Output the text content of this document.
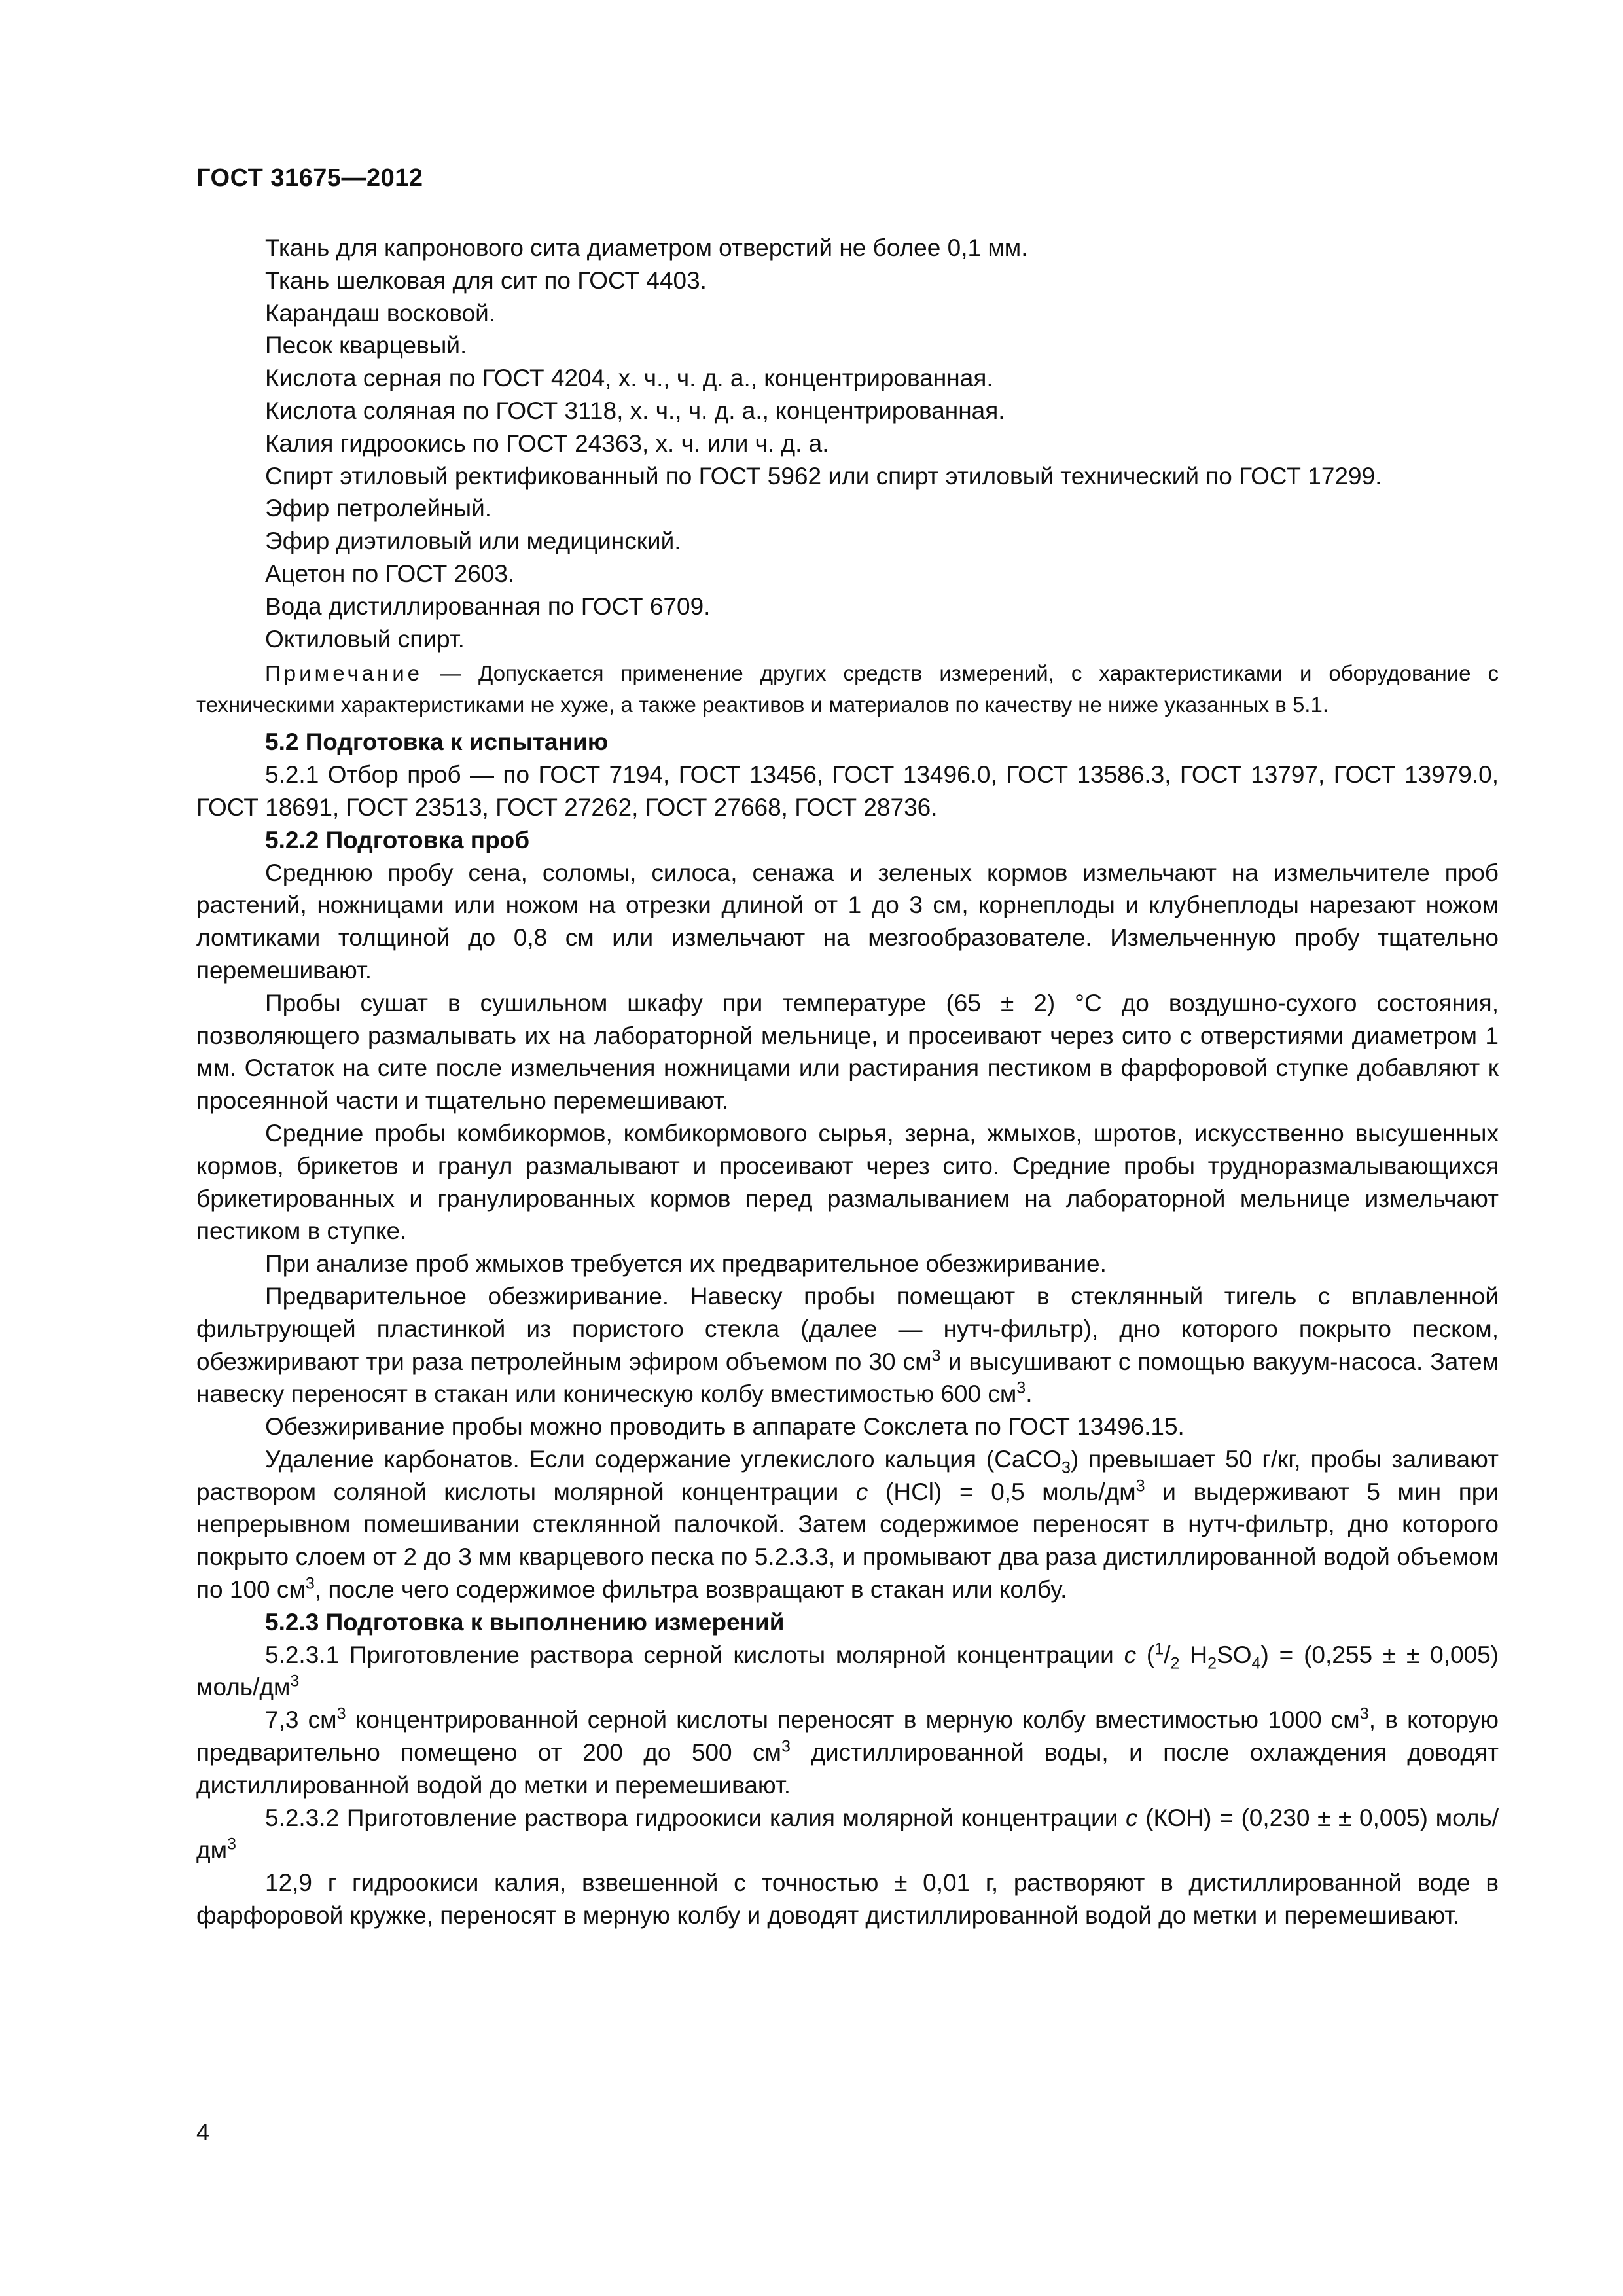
ГОСТ 31675—2012
Ткань для капронового сита диаметром отверстий не более 0,1 мм.
Ткань шелковая для сит по ГОСТ 4403.
Карандаш восковой.
Песок кварцевый.
Кислота серная по ГОСТ 4204, х. ч., ч. д. а., концентрированная.
Кислота соляная по ГОСТ 3118, х. ч., ч. д. а., концентрированная.
Калия гидроокись по ГОСТ 24363, х. ч. или ч. д. а.
Спирт этиловый ректификованный по ГОСТ 5962 или спирт этиловый технический по ГОСТ 17299.
Эфир петролейный.
Эфир диэтиловый или медицинский.
Ацетон по ГОСТ 2603.
Вода дистиллированная по ГОСТ 6709.
Октиловый спирт.
Примечание — Допускается применение других средств измерений, с характеристиками и оборудование с техническими характеристиками не хуже, а также реактивов и материалов по качеству не ниже указанных в 5.1.
5.2 Подготовка к испытанию
5.2.1 Отбор проб — по ГОСТ 7194, ГОСТ 13456, ГОСТ 13496.0, ГОСТ 13586.3, ГОСТ 13797, ГОСТ 13979.0, ГОСТ 18691, ГОСТ 23513, ГОСТ 27262, ГОСТ 27668, ГОСТ 28736.
5.2.2 Подготовка проб
Среднюю пробу сена, соломы, силоса, сенажа и зеленых кормов измельчают на измельчителе проб растений, ножницами или ножом на отрезки длиной от 1 до 3 см, корнеплоды и клубнеплоды нарезают ножом ломтиками толщиной до 0,8 см или измельчают на мезгообразователе. Измельченную пробу тщательно перемешивают.
Пробы сушат в сушильном шкафу при температуре (65 ± 2) °С до воздушно-сухого состояния, позволяющего размалывать их на лабораторной мельнице, и просеивают через сито с отверстиями диаметром 1 мм. Остаток на сите после измельчения ножницами или растирания пестиком в фарфоровой ступке добавляют к просеянной части и тщательно перемешивают.
Средние пробы комбикормов, комбикормового сырья, зерна, жмыхов, шротов, искусственно высушенных кормов, брикетов и гранул размалывают и просеивают через сито. Средние пробы трудноразмалывающихся брикетированных и гранулированных кормов перед размалыванием на лабораторной мельнице измельчают пестиком в ступке.
При анализе проб жмыхов требуется их предварительное обезжиривание.
Предварительное обезжиривание. Навеску пробы помещают в стеклянный тигель с вплавленной фильтрующей пластинкой из пористого стекла (далее — нутч-фильтр), дно которого покрыто песком, обезжиривают три раза петролейным эфиром объемом по 30 $см^3$ и высушивают с помощью вакуум-насоса. Затем навеску переносят в стакан или коническую колбу вместимостью 600 $см^3$.
Обезжиривание пробы можно проводить в аппарате Сокслета по ГОСТ 13496.15.
Удаление карбонатов. Если содержание углекислого кальция (CaCO$_3$) превышает 50 г/кг, пробы заливают раствором соляной кислоты молярной концентрации с (HCl) = 0,5 моль/$дм^3$ и выдерживают 5 мин при непрерывном помешивании стеклянной палочкой. Затем содержимое переносят в нутч-фильтр, дно которого покрыто слоем от 2 до 3 мм кварцевого песка по 5.2.3.3, и промывают два раза дистиллированной водой объемом по 100 $см^3$, после чего содержимое фильтра возвращают в стакан или колбу.
5.2.3 Подготовка к выполнению измерений
5.2.3.1 Приготовление раствора серной кислоты молярной концентрации с ($^1/_2$ $H_2SO_4) = (0,255$ ± ± 0,005) моль/$дм^3$
7,3 $см^3$ концентрированной серной кислоты переносят в мерную колбу вместимостью 1000 $см^3$, в которую предварительно помещено от 200 до 500 $см^3$ дистиллированной воды, и после охлаждения доводят дистиллированной водой до метки и перемешивают.
5.2.3.2 Приготовление раствора гидроокиси калия молярной концентрации с (КОН) = (0,230 ± ± 0,005) моль/$дм^3$
12,9 г гидроокиси калия, взвешенной с точностью ± 0,01 г, растворяют в дистиллированной воде в фарфоровой кружке, переносят в мерную колбу и доводят дистиллированной водой до метки и перемешивают.
4
